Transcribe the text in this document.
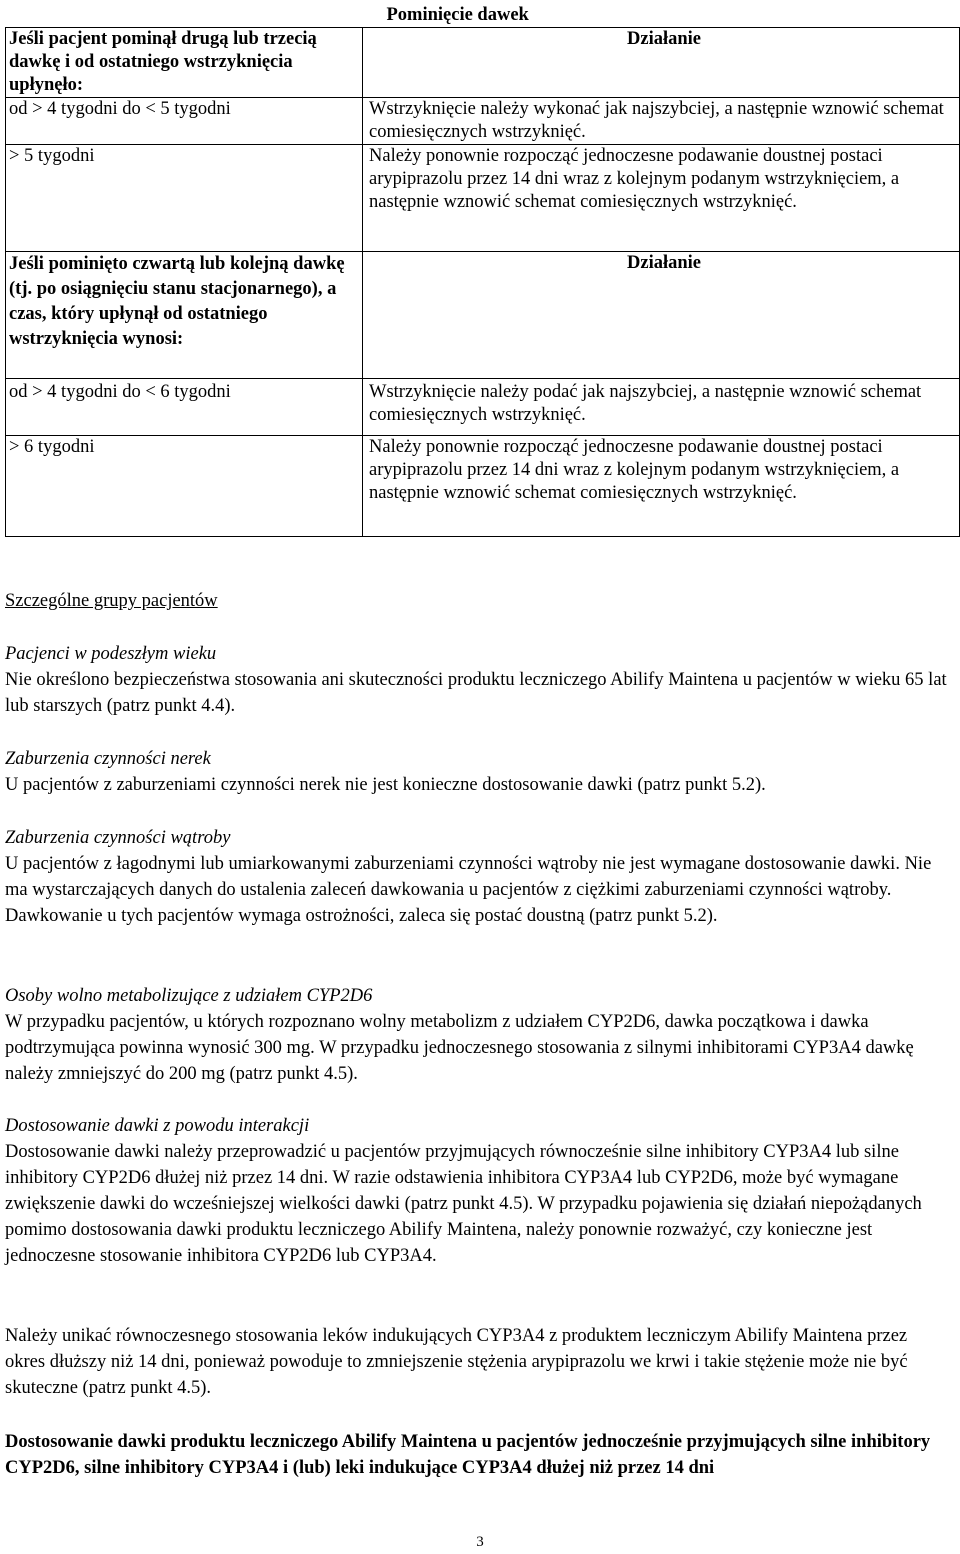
	Pominięcie dawek
Jeśli pacjent pominął drugą lub trzecią dawkę i od ostatniego wstrzyknięcia upłynęło:	Działanie
od > 4 tygodni do < 5 tygodni	Wstrzyknięcie należy wykonać jak najszybciej, a następnie wznowić schemat comiesięcznych wstrzyknięć.
> 5 tygodni	Należy ponownie rozpocząć jednoczesne podawanie doustnej postaci arypiprazolu przez 14 dni wraz z kolejnym podanym wstrzyknięciem, a następnie wznowić schemat comiesięcznych wstrzyknięć.
Jeśli pominięto czwartą lub kolejną dawkę (tj. po osiągnięciu stanu stacjonarnego), a czas, który upłynął od ostatniego wstrzyknięcia wynosi:	Działanie
od > 4 tygodni do < 6 tygodni	Wstrzyknięcie należy podać jak najszybciej, a następnie wznowić schemat comiesięcznych wstrzyknięć.
> 6 tygodni	Należy ponownie rozpocząć jednoczesne podawanie doustnej postaci arypiprazolu przez 14 dni wraz z kolejnym podanym wstrzyknięciem, a następnie wznowić schemat comiesięcznych wstrzyknięć.
Szczególne grupy pacjentów
Pacjenci w podeszłym wieku

Nie określono bezpieczeństwa stosowania ani skuteczności produktu leczniczego Abilify Maintena u pacjentów w wieku 65 lat lub starszych (patrz punkt 4.4).

Zaburzenia czynności nerek

U pacjentów z zaburzeniami czynności nerek nie jest konieczne dostosowanie dawki (patrz punkt 5.2).

Zaburzenia czynności wątroby

U pacjentów z łagodnymi lub umiarkowanymi zaburzeniami czynności wątroby nie jest wymagane dostosowanie dawki. Nie ma wystarczających danych do ustalenia zaleceń dawkowania u pacjentów z ciężkimi zaburzeniami czynności wątroby. Dawkowanie u tych pacjentów wymaga ostrożności, zaleca się postać doustną (patrz punkt 5.2).

Osoby wolno metabolizujące z udziałem CYP2D6

W przypadku pacjentów, u których rozpoznano wolny metabolizm z udziałem CYP2D6, dawka początkowa i dawka podtrzymująca powinna wynosić 300 mg. W przypadku jednoczesnego stosowania z silnymi inhibitorami CYP3A4 dawkę należy zmniejszyć do 200 mg (patrz punkt 4.5).

Dostosowanie dawki z powodu interakcji

Dostosowanie dawki należy przeprowadzić u pacjentów przyjmujących równocześnie silne inhibitory CYP3A4 lub silne inhibitory CYP2D6 dłużej niż przez 14 dni. W razie odstawienia inhibitora CYP3A4 lub CYP2D6, może być wymagane zwiększenie dawki do wcześniejszej wielkości dawki (patrz punkt 4.5). W przypadku pojawienia się działań niepożądanych pomimo dostosowania dawki produktu leczniczego Abilify Maintena, należy ponownie rozważyć, czy konieczne jest jednoczesne stosowanie inhibitora CYP2D6 lub CYP3A4.

Należy unikać równoczesnego stosowania leków indukujących CYP3A4 z produktem leczniczym Abilify Maintena przez okres dłuższy niż 14 dni, ponieważ powoduje to zmniejszenie stężenia arypiprazolu we krwi i takie stężenie może nie być skuteczne (patrz punkt 4.5).

Dostosowanie dawki produktu leczniczego Abilify Maintena u pacjentów jednocześnie przyjmujących silne inhibitory CYP2D6, silne inhibitory CYP3A4 i (lub) leki indukujące CYP3A4 dłużej niż przez 14 dni
3
